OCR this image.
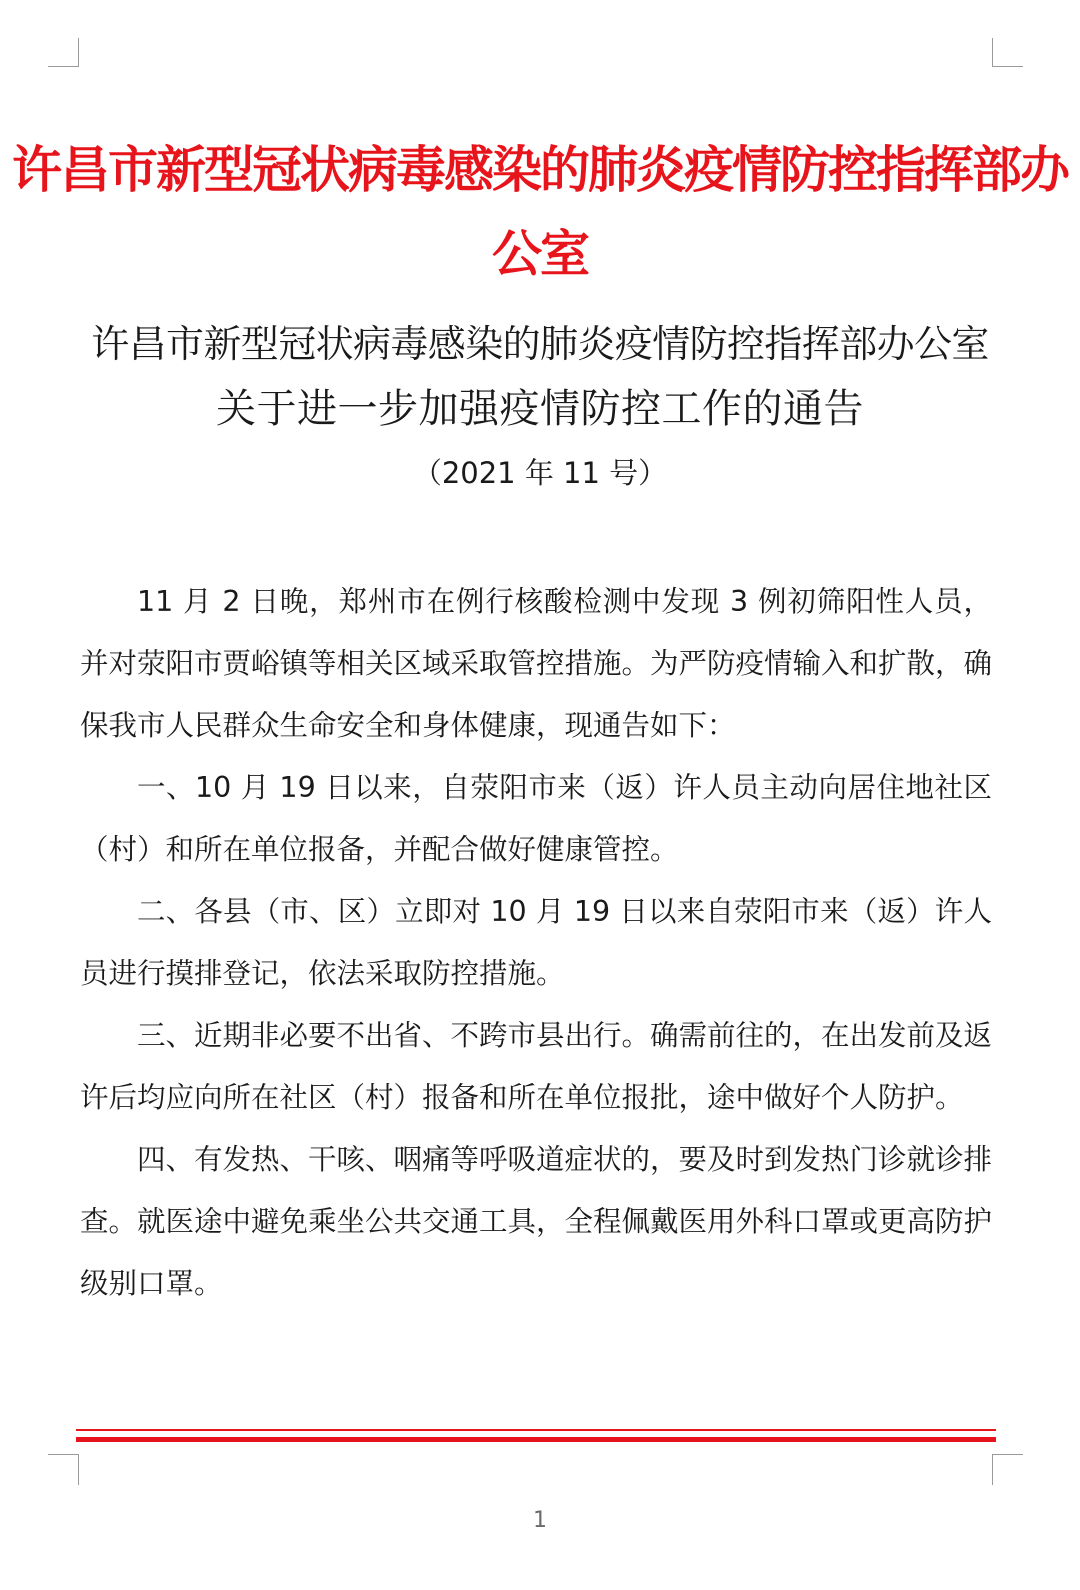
许昌市新型冠状病毒感染的肺炎疫情防控指挥部办公室
许昌市新型冠状病毒感染的肺炎疫情防控指挥部办公室
关于进一步加强疫情防控工作的通告
（2021 年 11 号）

11 月 2 日晚，郑州市在例行核酸检测中发现 3 例初筛阳性人员，并对荥阳市贾峪镇等相关区域采取管控措施。为严防疫情输入和扩散，确保我市人民群众生命安全和身体健康，现通告如下：

一、10 月 19 日以来，自荥阳市来（返）许人员主动向居住地社区（村）和所在单位报备，并配合做好健康管控。

二、各县（市、区）立即对 10 月 19 日以来自荥阳市来（返）许人员进行摸排登记，依法采取防控措施。

三、近期非必要不出省、不跨市县出行。确需前往的，在出发前及返许后均应向所在社区（村）报备和所在单位报批，途中做好个人防护。

四、有发热、干咳、咽痛等呼吸道症状的，要及时到发热门诊就诊排查。就医途中避免乘坐公共交通工具，全程佩戴医用外科口罩或更高防护级别口罩。

1
